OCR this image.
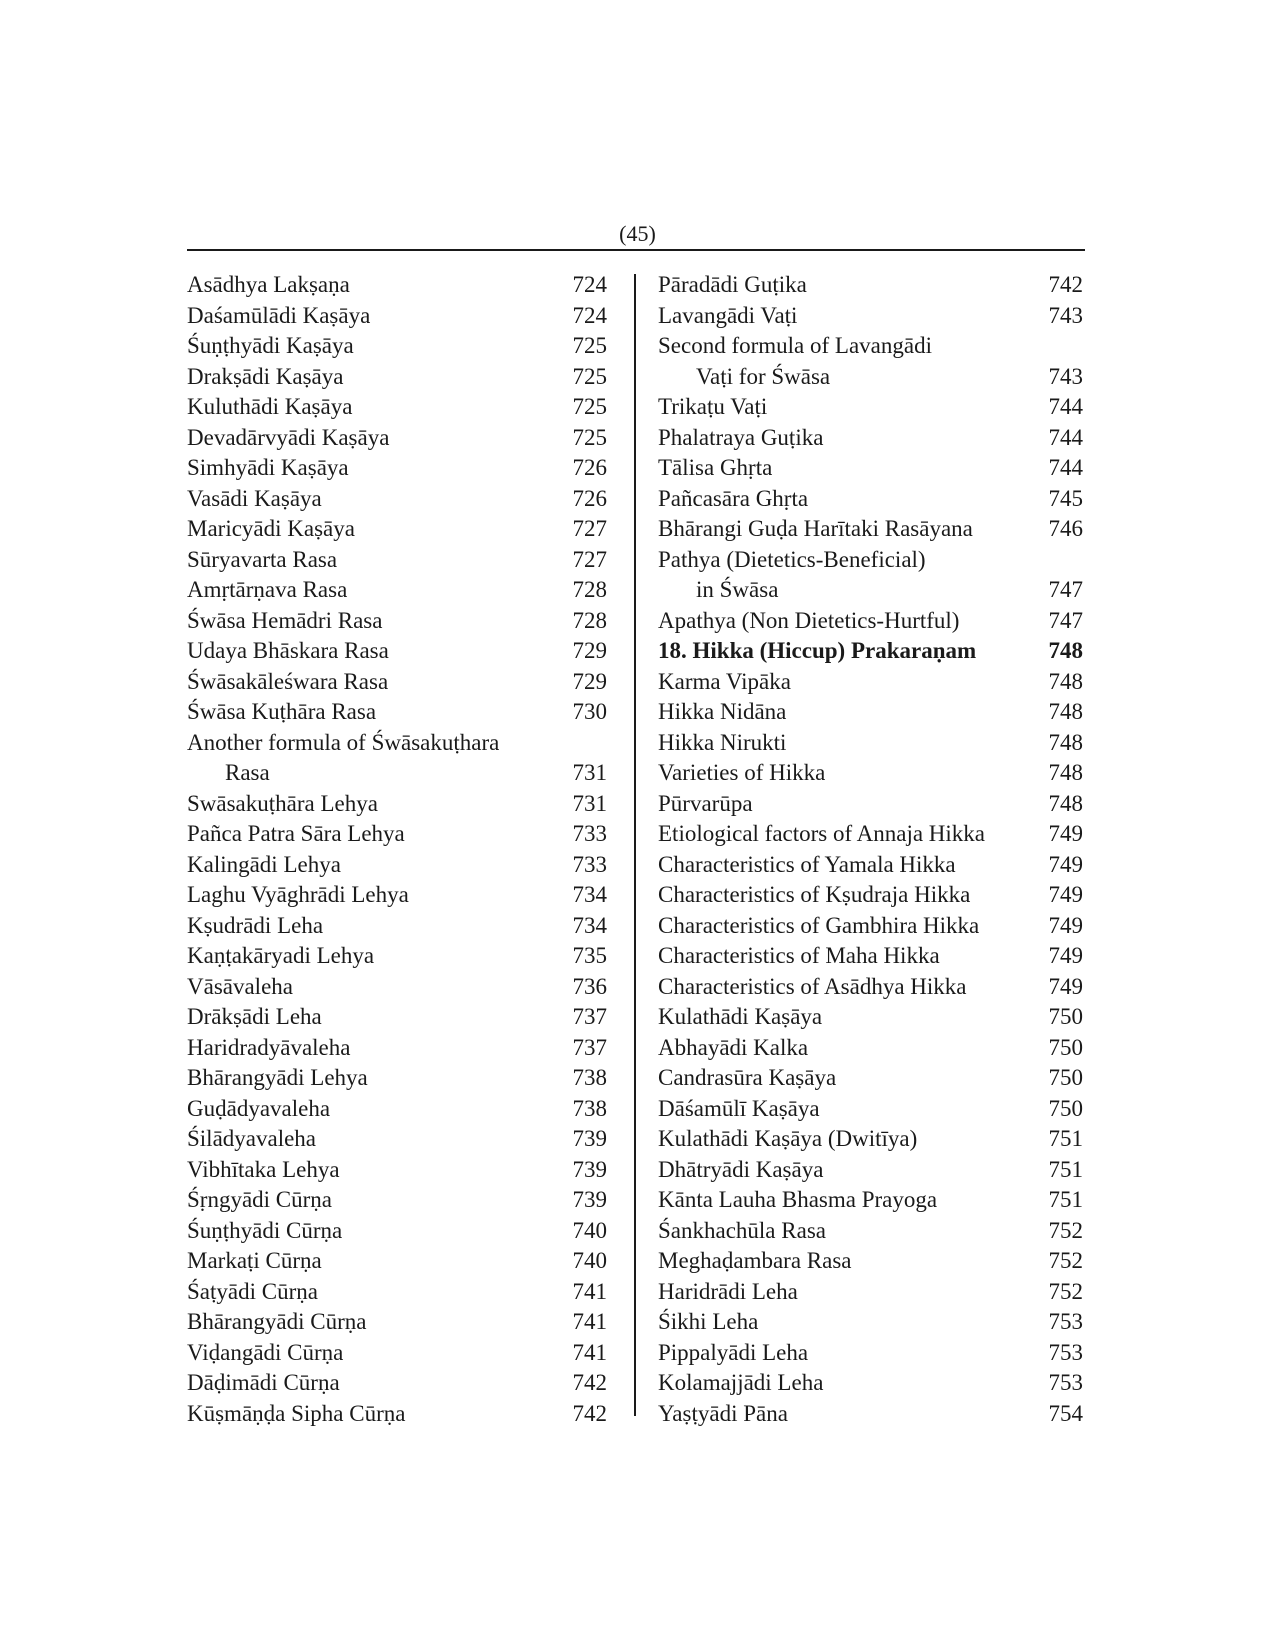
(45)
Asādhya Lakṣaṇa	724
Daśamūlādi Kaṣāya	724
Śuṇṭhyādi Kaṣāya	725
Drakṣādi Kaṣāya	725
Kuluthādi Kaṣāya	725
Devadārvyādi Kaṣāya	725
Simhyādi Kaṣāya	726
Vasādi Kaṣāya	726
Maricyādi Kaṣāya	727
Sūryavarta Rasa	727
Amṛtārṇava Rasa	728
Śwāsa Hemādri Rasa	728
Udaya Bhāskara Rasa	729
Śwāsakāleśwara Rasa	729
Śwāsa Kuṭhāra Rasa	730
Another formula of Śwāsakuṭhara
Rasa	731
Swāsakuṭhāra Lehya	731
Pañca Patra Sāra Lehya	733
Kalingādi Lehya	733
Laghu Vyāghrādi Lehya	734
Kṣudrādi Leha	734
Kaṇṭakāryadi Lehya	735
Vāsāvaleha	736
Drākṣādi Leha	737
Haridradyāvaleha	737
Bhārangyādi Lehya	738
Guḍādyavaleha	738
Śilādyavaleha	739
Vibhītaka Lehya	739
Śṛngyādi Cūrṇa	739
Śuṇṭhyādi Cūrṇa	740
Markaṭi Cūrṇa	740
Śaṭyādi Cūrṇa	741
Bhārangyādi Cūrṇa	741
Viḍangādi Cūrṇa	741
Dāḍimādi Cūrṇa	742
Kūṣmāṇḍa Sipha Cūrṇa	742
Pāradādi Guṭika	742
Lavangādi Vaṭi	743
Second formula of Lavangādi
Vaṭi for Śwāsa	743
Trikaṭu Vaṭi	744
Phalatraya Guṭika	744
Tālisa Ghṛta	744
Pañcasāra Ghṛta	745
Bhārangi Guḍa Harītaki Rasāyana	746
Pathya (Dietetics-Beneficial)
in Śwāsa	747
Apathya (Non Dietetics-Hurtful)	747
18. Hikka (Hiccup) Prakaraṇam	748
Karma Vipāka	748
Hikka Nidāna	748
Hikka Nirukti	748
Varieties of Hikka	748
Pūrvarūpa	748
Etiological factors of Annaja Hikka	749
Characteristics of Yamala Hikka	749
Characteristics of Kṣudraja Hikka	749
Characteristics of Gambhira Hikka	749
Characteristics of Maha Hikka	749
Characteristics of Asādhya Hikka	749
Kulathādi Kaṣāya	750
Abhayādi Kalka	750
Candrasūra Kaṣāya	750
Dāśamūlī Kaṣāya	750
Kulathādi Kaṣāya (Dwitīya)	751
Dhātryādi Kaṣāya	751
Kānta Lauha Bhasma Prayoga	751
Śankhachūla Rasa	752
Meghaḍambara Rasa	752
Haridrādi Leha	752
Śikhi Leha	753
Pippalyādi Leha	753
Kolamajjādi Leha	753
Yaṣṭyādi Pāna	754
